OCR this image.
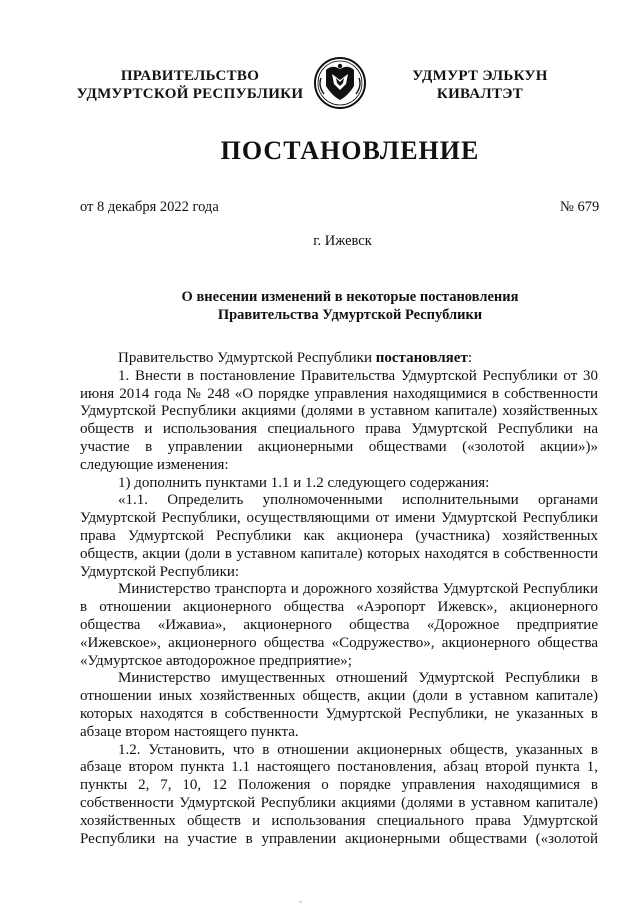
ПРАВИТЕЛЬСТВО
УДМУРТСКОЙ РЕСПУБЛИКИ
УДМУРТ ЭЛЬКУН
КИВАЛТЭТ
ПОСТАНОВЛЕНИЕ
от 8 декабря 2022 года	№ 679
г. Ижевск
О внесении изменений в некоторые постановления
Правительства Удмуртской Республики

Правительство Удмуртской Республики постановляет:

1. Внести в постановление Правительства Удмуртской Республики от 30 июня 2014 года № 248 «О порядке управления находящимися в собственности Удмуртской Республики акциями (долями в уставном капитале) хозяйственных обществ и использования специального права Удмуртской Республики на участие в управлении акционерными обществами («золотой акции»)» следующие изменения:

1) дополнить пунктами 1.1 и 1.2 следующего содержания:

«1.1. Определить уполномоченными исполнительными органами Удмуртской Республики, осуществляющими от имени Удмуртской Республики права Удмуртской Республики как акционера (участника) хозяйственных обществ, акции (доли в уставном капитале) которых находятся в собственности Удмуртской Республики:

Министерство транспорта и дорожного хозяйства Удмуртской Республики в отношении акционерного общества «Аэропорт Ижевск», акционерного общества «Ижавиа», акционерного общества «Дорожное предприятие «Ижевское», акционерного общества «Содружество», акционерного общества «Удмуртское автодорожное предприятие»;

Министерство имущественных отношений Удмуртской Республики в отношении иных хозяйственных обществ, акции (доли в уставном капитале) которых находятся в собственности Удмуртской Республики, не указанных в абзаце втором настоящего пункта.

1.2. Установить, что в отношении акционерных обществ, указанных в абзаце втором пункта 1.1 настоящего постановления, абзац второй пункта 1, пункты 2, 7, 10, 12 Положения о порядке управления находящимися в собственности Удмуртской Республики акциями (долями в уставном капитале) хозяйственных обществ и использования специального права Удмуртской Республики на участие в управлении акционерными обществами («золотой

-
